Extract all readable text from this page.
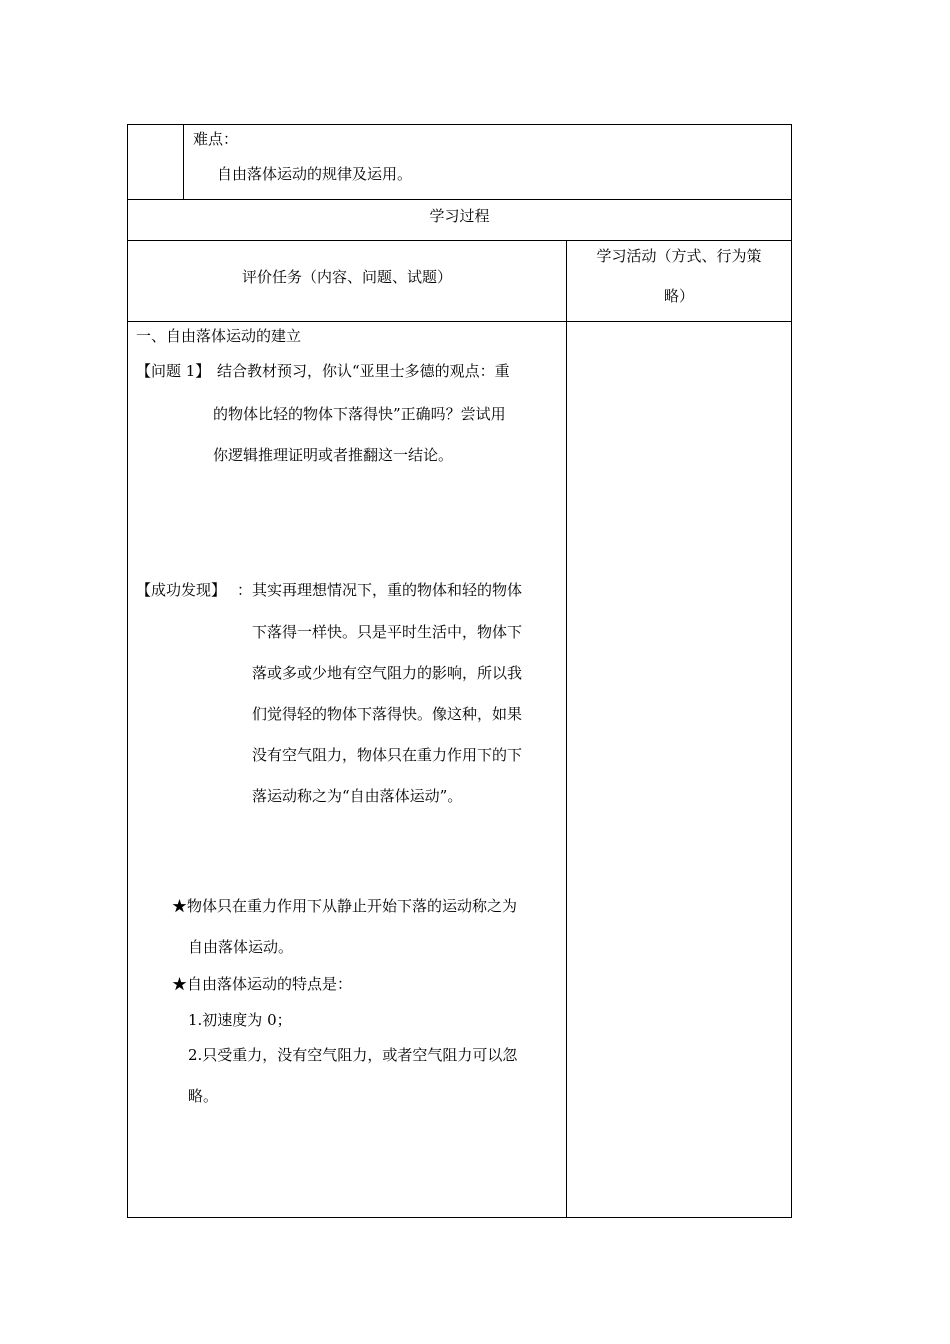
难点：
自由落体运动的规律及运用。
学习过程
评价任务（内容、问题、试题）
学习活动（方式、行为策
略）
一、自由落体运动的建立
【问题 1】 结合教材预习，你认“亚里士多德的观点：重
的物体比轻的物体下落得快”正确吗？尝试用
你逻辑推理证明或者推翻这一结论。
【成功发现】 ：其实再理想情况下，重的物体和轻的物体
下落得一样快。只是平时生活中，物体下
落或多或少地有空气阻力的影响，所以我
们觉得轻的物体下落得快。像这种，如果
没有空气阻力，物体只在重力作用下的下
落运动称之为“自由落体运动”。
★物体只在重力作用下从静止开始下落的运动称之为
自由落体运动。
★自由落体运动的特点是：
1.初速度为 0；
2.只受重力，没有空气阻力，或者空气阻力可以忽
略。
